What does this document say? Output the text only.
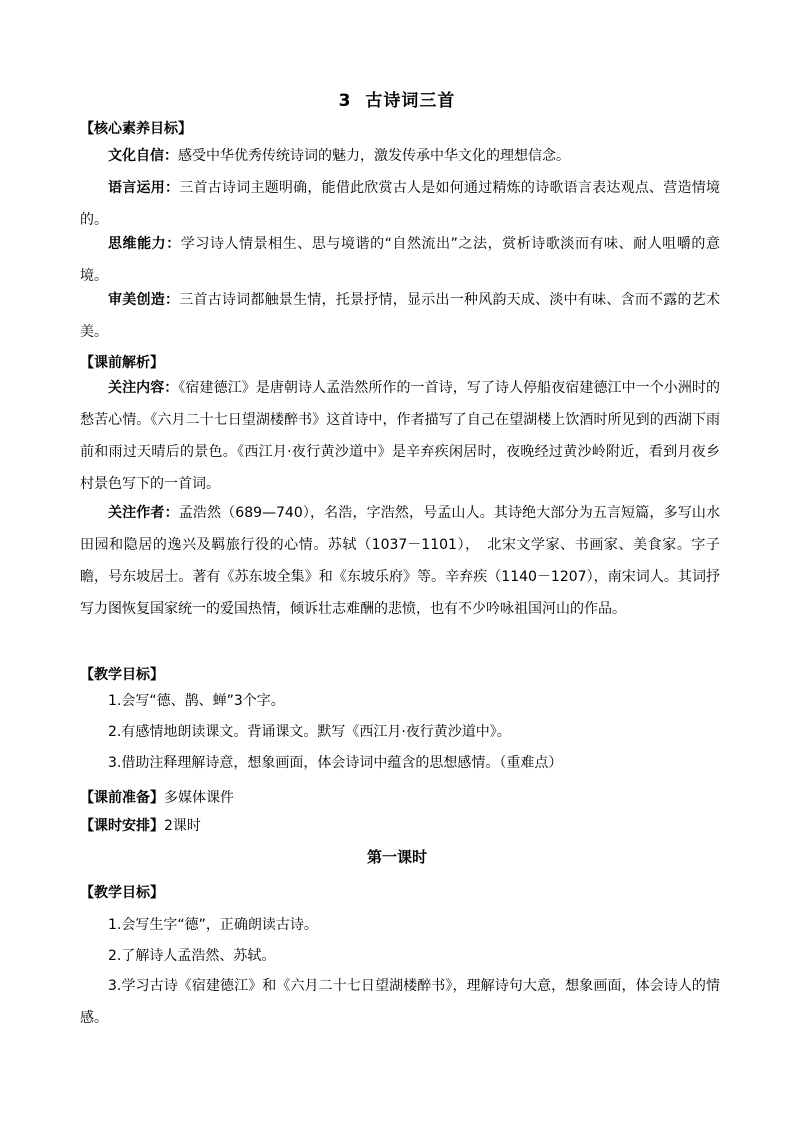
3 古诗词三首
【核心素养目标】
文化自信：感受中华优秀传统诗词的魅力，激发传承中华文化的理想信念。
语言运用：三首古诗词主题明确，能借此欣赏古人是如何通过精炼的诗歌语言表达观点、营造情境的。
思维能力：学习诗人情景相生、思与境谐的“自然流出”之法，赏析诗歌淡而有味、耐人咀嚼的意境。
审美创造：三首古诗词都触景生情，托景抒情，显示出一种风韵天成、淡中有味、含而不露的艺术美。
【课前解析】
关注内容：《宿建德江》是唐朝诗人孟浩然所作的一首诗，写了诗人停船夜宿建德江中一个小洲时的愁苦心情。《六月二十七日望湖楼醉书》这首诗中，作者描写了自己在望湖楼上饮酒时所见到的西湖下雨前和雨过天晴后的景色。《西江月·夜行黄沙道中》是辛弃疾闲居时，夜晚经过黄沙岭附近，看到月夜乡村景色写下的一首词。
关注作者：孟浩然（689—740），名浩，字浩然，号孟山人。其诗绝大部分为五言短篇，多写山水田园和隐居的逸兴及羁旅行役的心情。苏轼（1037－1101），　北宋文学家、书画家、美食家。字子瞻，号东坡居士。著有《苏东坡全集》和《东坡乐府》等。辛弃疾（1140－1207），南宋词人。其词抒写力图恢复国家统一的爱国热情，倾诉壮志难酬的悲愤，也有不少吟咏祖国河山的作品。
【教学目标】
1.会写“德、鹊、蝉”3个字。
2.有感情地朗读课文。背诵课文。默写《西江月·夜行黄沙道中》。
3.借助注释理解诗意，想象画面，体会诗词中蕴含的思想感情。（重难点）
【课前准备】多媒体课件
【课时安排】2课时
第一课时
【教学目标】
1.会写生字“德”，正确朗读古诗。
2.了解诗人孟浩然、苏轼。
3.学习古诗《宿建德江》和《六月二十七日望湖楼醉书》，理解诗句大意，想象画面，体会诗人的情感。
